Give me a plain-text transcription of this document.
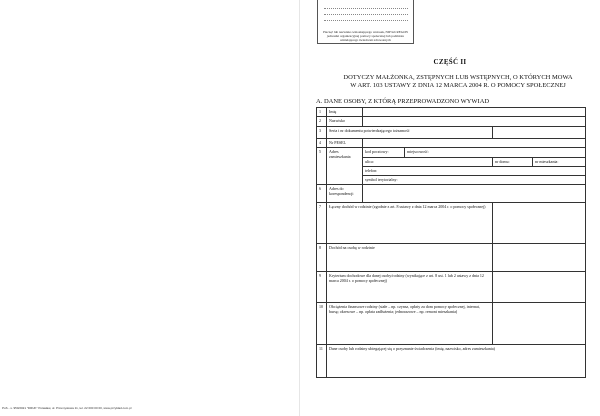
PoS - s. 950/2021 "DRUK" Potasław, ul. Przemysłowa 11, tel. 22 000 00 00, www.przykład.com.pl
Pieczęć lub nazwisko wnioskującego wniosek, NIP lub REGON jednostki organizacyjnej pomocy społecznej lub podmiotu udzielającego świadczeń zdrowotnych
CZĘŚĆ II
DOTYCZY MAŁŻONKA, ZSTĘPNYCH LUB WSTĘPNYCH, O KTÓRYCH MOWA
W ART. 103 USTAWY Z DNIA 12 MARCA 2004 R. O POMOCY SPOŁECZNEJ
A. DANE OSOBY, Z KTÓRĄ PRZEPROWADZONO WYWIAD
1	Imię				
2	Nazwisko				
3	Seria i nr dokumentu potwierdzającego tożsamość				
4	Nr PESEL				
5	Adres zamieszkania	kod pocztowy:	miejscowość:		
		ulica:		nr domu:	nr mieszkania:
		telefon:			
		symbol terytorialny:			
6	Adres do korespondencji				
7	Łączny dochód w rodzinie (zgodnie z art. 8 ustawy z dnia 12 marca 2004 r. o pomocy społecznej)				
8	Dochód na osobę w rodzinie				
9	Kryterium dochodowe dla danej osoby/rodziny (wynikające z art. 8 ust. 1 lub 2 ustawy z dnia 12 marca 2004 r. o pomocy społecznej)				
10	Obciążenia finansowe rodziny (stałe – np. czynsz, opłaty za dom pomocy społecznej, internat, bursę; okresowe – np. opłata zadłużenia; jednorazowe – np. remont mieszkania)				
11	Dane osoby lub rodziny ubiegającej się o przyznanie świadczenia (imię, nazwisko, adres zamieszkania)				
